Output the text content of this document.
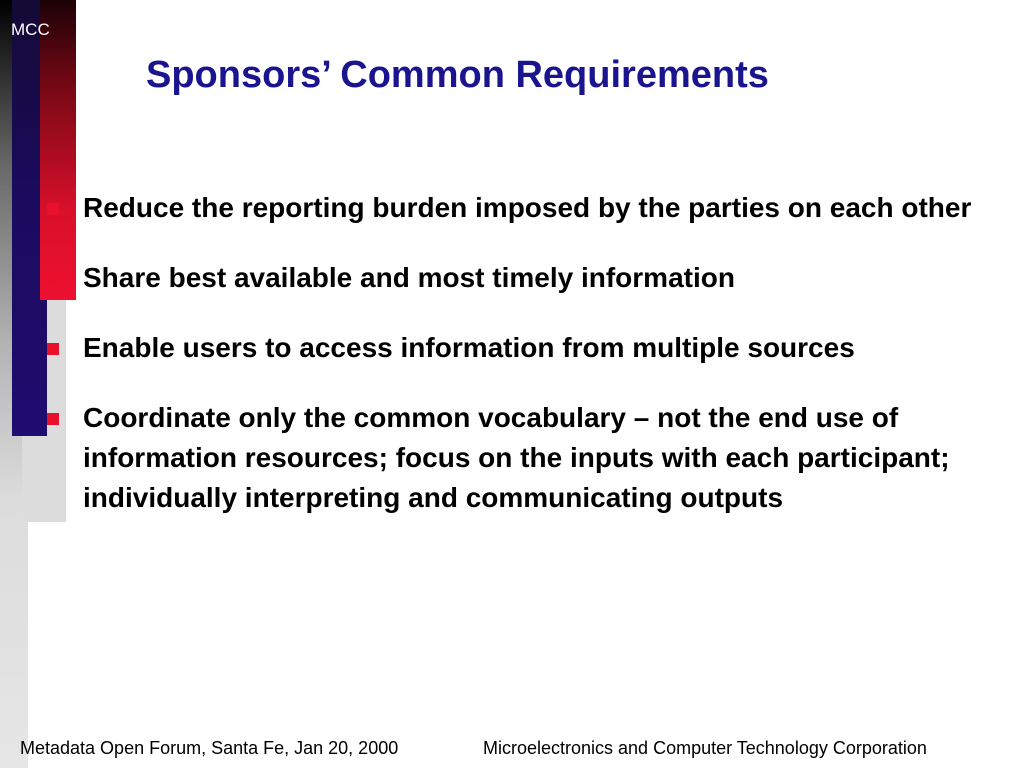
MCC
Sponsors’ Common Requirements
Reduce the reporting burden imposed by the parties on each other
Share best available and most timely information
Enable users to access information from multiple sources
Coordinate only the common vocabulary – not the end use of information resources; focus on the inputs with each participant; individually interpreting and communicating outputs
Metadata Open Forum, Santa Fe, Jan 20, 2000	Microelectronics and Computer Technology Corporation
